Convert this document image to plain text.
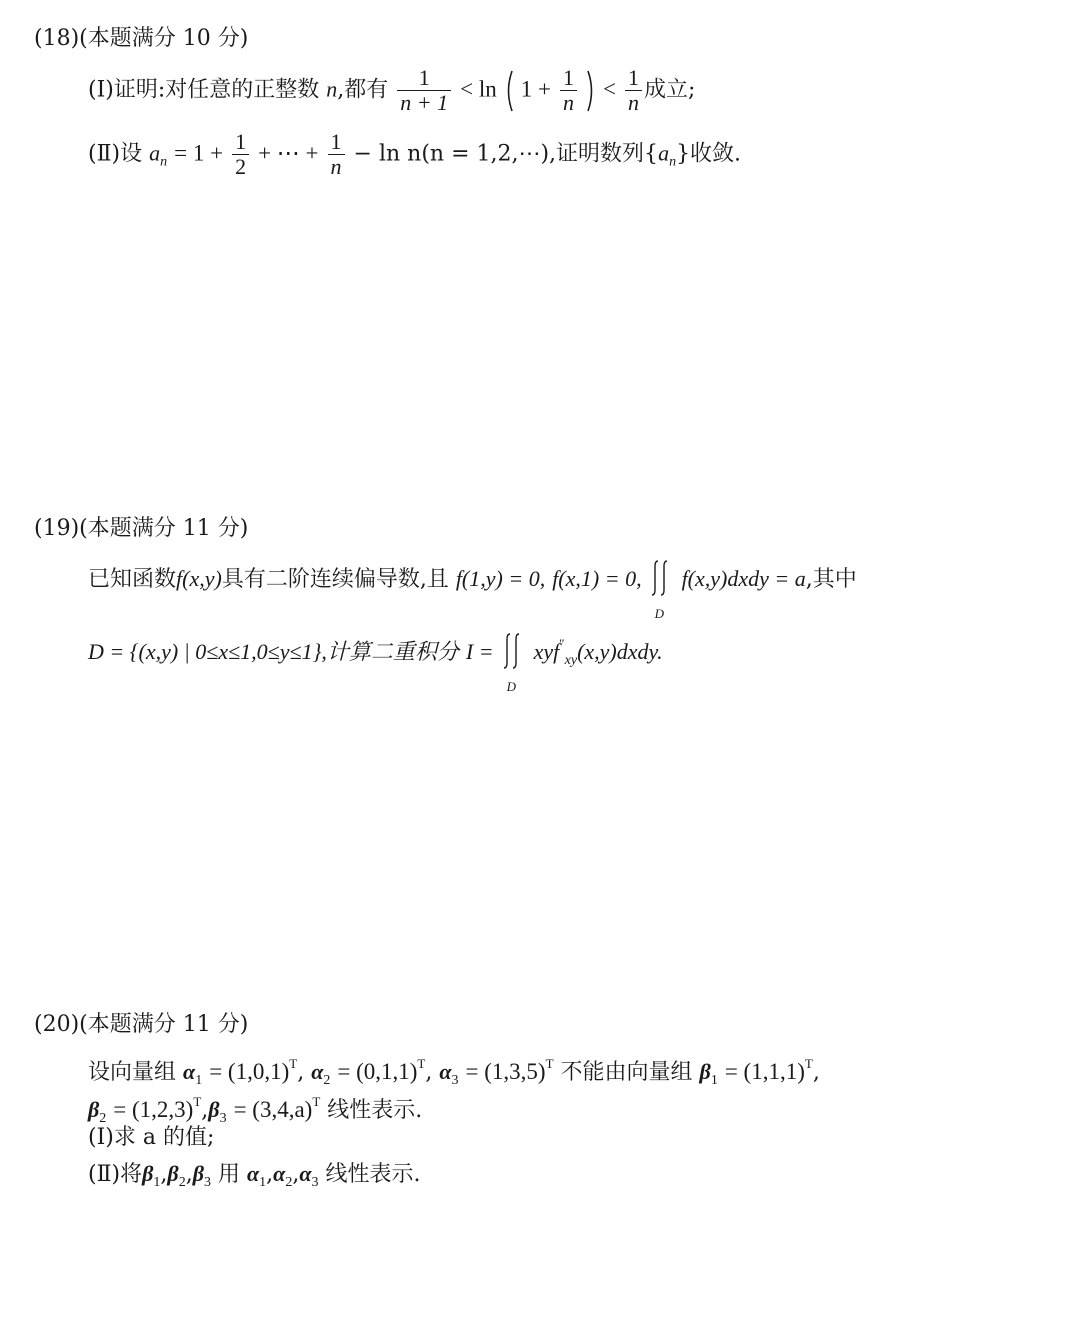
(18)(本题满分 10 分)
(Ⅰ)证明:对任意的正整数 n,都有 $\frac{1}{n + 1} < \ln 1 + \frac{1}{n} < \frac{1}{n}$ 成立;
(Ⅱ)设 $a_n = 1 + \frac{1}{2}$ + ⋯ + $\frac{1}{n} - \ln n(n$ = 1,2,⋯),证明数列$\{a_n\}$收敛.
(19)(本题满分 11 分)
已知函数f(x,y)具有二阶连续偏导数,且 f(1,y) = 0, f(x,1) = 0,
D
f(x,y)dxdy = a,其中
D = {(x,y) | 0≤x≤1,0≤y≤1},计算二重积分 I =
D
xyf″$_{xy}$(x,y)dxdy.
(20)(本题满分 11 分)
设向量组 $\alpha_1 = (1,0,1)^T$, $\alpha_2 = (0,1,1)^T$, $\alpha_3 = (1,3,5)^T$ 不能由向量组 $\beta_1 = (1,1,1)^T$,
$\beta_2 = (1,2,3)^T,\beta_3 = (3,4,a)^T$ 线性表示.
(Ⅰ)求 a 的值;
(Ⅱ)将$\beta_1,\beta_2,\beta_3$ 用 $\alpha_1,\alpha_2,\alpha_3$ 线性表示.
